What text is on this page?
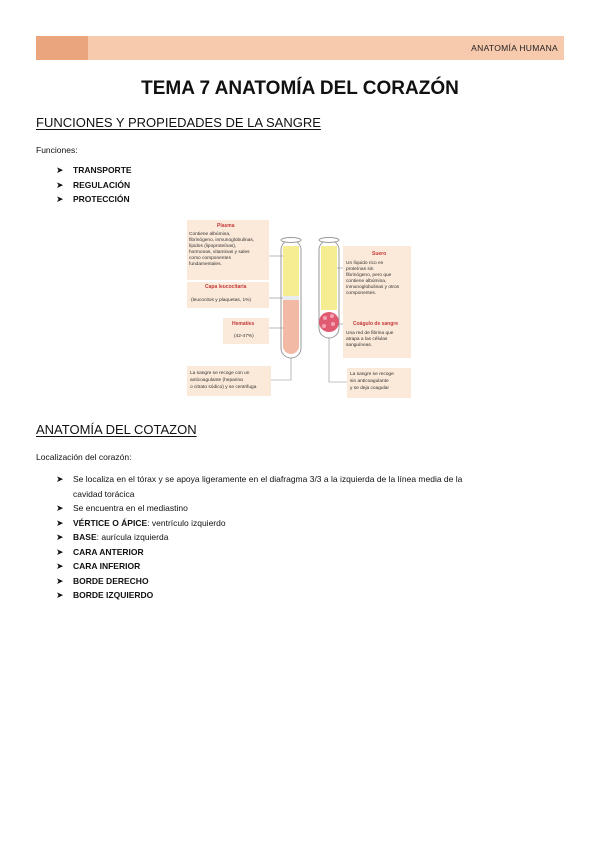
ANATOMÍA HUMANA
TEMA 7 ANATOMÍA DEL CORAZÓN
FUNCIONES Y PROPIEDADES DE LA SANGRE
Funciones:
➤ TRANSPORTE
➤ REGULACIÓN
➤ PROTECCIÓN
Plasma
Contiene albúmina,
fibrinógeno, inmunoglobulinas,
lípidos (lipoproteínas),
hormonas, vitaminas y sales
como componentes
fundamentales.
Capa leucocitaria
(leucocitos y plaquetas, 1%)
Hematíes
(42-47%)
La sangre se recoge con un
anticoagulante (heparina
o citrato sódico) y se centrifuga
Suero
Un líquido rico en
proteínas sin
fibrinógeno, pero que
contiene albúmina,
inmunoglobulinas y otros
componentes.
Coágulo de sangre
Una red de fibrina que
atrapa a las células
sanguíneas.
La sangre se recoge
sin anticoagulante
y se deja coagular
ANATOMÍA DEL COTAZON
Localización del corazón:
➤ Se localiza en el tórax y se apoya ligeramente en el diafragma 3/3 a la izquierda de la línea media de la
cavidad torácica
➤ Se encuentra en el mediastino
➤ VÉRTICE O ÁPICE: ventrículo izquierdo
➤ BASE: aurícula izquierda
➤ CARA ANTERIOR
➤ CARA INFERIOR
➤ BORDE DERECHO
➤ BORDE IZQUIERDO
